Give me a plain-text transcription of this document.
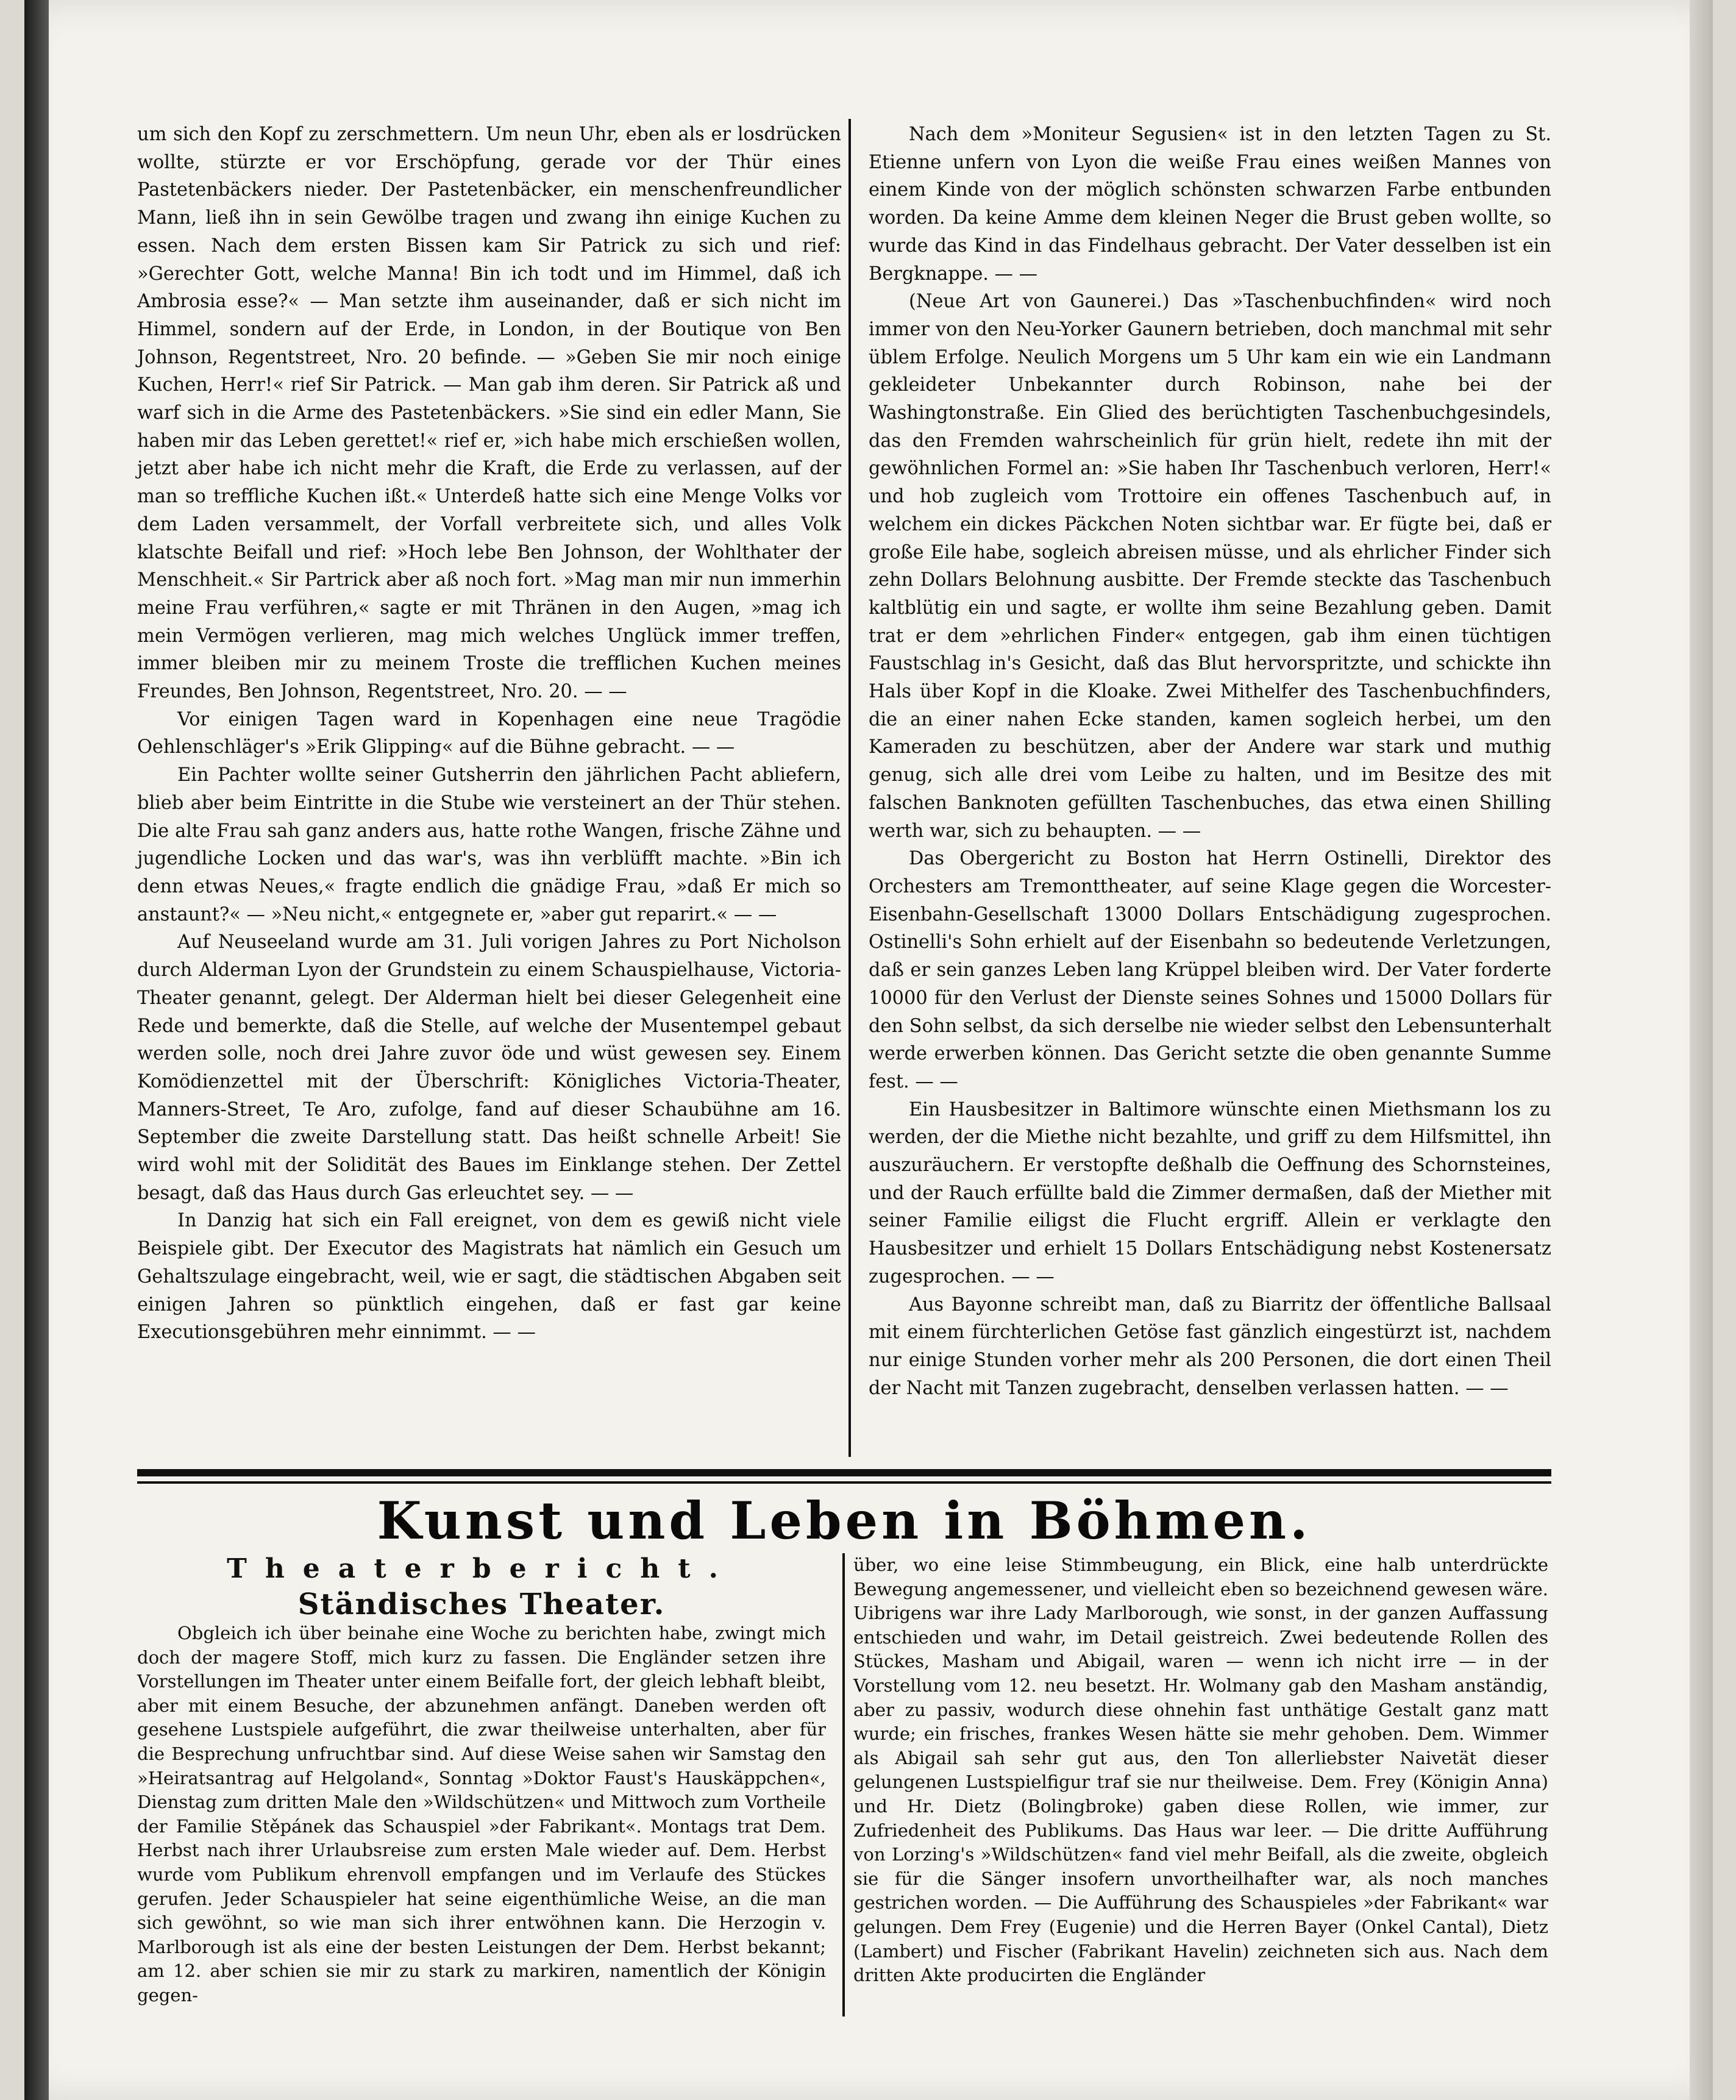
um sich den Kopf zu zerschmettern. Um neun Uhr, eben als er losdrücken wollte, stürzte er vor Erschöpfung, gerade vor der Thür eines Pastetenbäckers nieder. Der Pastetenbäcker, ein menschenfreundlicher Mann, ließ ihn in sein Gewölbe tragen und zwang ihn einige Kuchen zu essen. Nach dem ersten Bissen kam Sir Patrick zu sich und rief: »Gerechter Gott, welche Manna! Bin ich todt und im Himmel, daß ich Ambrosia esse?« — Man setzte ihm auseinander, daß er sich nicht im Himmel, sondern auf der Erde, in London, in der Boutique von Ben Johnson, Regentstreet, Nro. 20 befinde. — »Geben Sie mir noch einige Kuchen, Herr!« rief Sir Patrick. — Man gab ihm deren. Sir Patrick aß und warf sich in die Arme des Pastetenbäckers. »Sie sind ein edler Mann, Sie haben mir das Leben gerettet!« rief er, »ich habe mich erschießen wollen, jetzt aber habe ich nicht mehr die Kraft, die Erde zu verlassen, auf der man so treffliche Kuchen ißt.« Unterdeß hatte sich eine Menge Volks vor dem Laden versammelt, der Vorfall verbreitete sich, und alles Volk klatschte Beifall und rief: »Hoch lebe Ben Johnson, der Wohlthater der Menschheit.« Sir Partrick aber aß noch fort. »Mag man mir nun immerhin meine Frau verführen,« sagte er mit Thränen in den Augen, »mag ich mein Vermögen verlieren, mag mich welches Unglück immer treffen, immer bleiben mir zu meinem Troste die trefflichen Kuchen meines Freundes, Ben Johnson, Regentstreet, Nro. 20. — —

Vor einigen Tagen ward in Kopenhagen eine neue Tragödie Oehlenschläger's »Erik Glipping« auf die Bühne gebracht. — —

Ein Pachter wollte seiner Gutsherrin den jährlichen Pacht abliefern, blieb aber beim Eintritte in die Stube wie versteinert an der Thür stehen. Die alte Frau sah ganz anders aus, hatte rothe Wangen, frische Zähne und jugendliche Locken und das war's, was ihn verblüfft machte. »Bin ich denn etwas Neues,« fragte endlich die gnädige Frau, »daß Er mich so anstaunt?« — »Neu nicht,« entgegnete er, »aber gut reparirt.« — —

Auf Neuseeland wurde am 31. Juli vorigen Jahres zu Port Nicholson durch Alderman Lyon der Grundstein zu einem Schauspielhause, Victoria-Theater genannt, gelegt. Der Alderman hielt bei dieser Gelegenheit eine Rede und bemerkte, daß die Stelle, auf welche der Musentempel gebaut werden solle, noch drei Jahre zuvor öde und wüst gewesen sey. Einem Komödienzettel mit der Überschrift: Königliches Victoria-Theater, Manners-Street, Te Aro, zufolge, fand auf dieser Schaubühne am 16. September die zweite Darstellung statt. Das heißt schnelle Arbeit! Sie wird wohl mit der Solidität des Baues im Einklange stehen. Der Zettel besagt, daß das Haus durch Gas erleuchtet sey. — —

In Danzig hat sich ein Fall ereignet, von dem es gewiß nicht viele Beispiele gibt. Der Executor des Magistrats hat nämlich ein Gesuch um Gehaltszulage eingebracht, weil, wie er sagt, die städtischen Abgaben seit einigen Jahren so pünktlich eingehen, daß er fast gar keine Executionsgebühren mehr einnimmt. — —

Nach dem »Moniteur Segusien« ist in den letzten Tagen zu St. Etienne unfern von Lyon die weiße Frau eines weißen Mannes von einem Kinde von der möglich schönsten schwarzen Farbe entbunden worden. Da keine Amme dem kleinen Neger die Brust geben wollte, so wurde das Kind in das Findelhaus gebracht. Der Vater desselben ist ein Bergknappe. — —

(Neue Art von Gaunerei.) Das »Taschenbuchfinden« wird noch immer von den Neu-Yorker Gaunern betrieben, doch manchmal mit sehr üblem Erfolge. Neulich Morgens um 5 Uhr kam ein wie ein Landmann gekleideter Unbekannter durch Robinson, nahe bei der Washingtonstraße. Ein Glied des berüchtigten Taschenbuchgesindels, das den Fremden wahrscheinlich für grün hielt, redete ihn mit der gewöhnlichen Formel an: »Sie haben Ihr Taschenbuch verloren, Herr!« und hob zugleich vom Trottoire ein offenes Taschenbuch auf, in welchem ein dickes Päckchen Noten sichtbar war. Er fügte bei, daß er große Eile habe, sogleich abreisen müsse, und als ehrlicher Finder sich zehn Dollars Belohnung ausbitte. Der Fremde steckte das Taschenbuch kaltblütig ein und sagte, er wollte ihm seine Bezahlung geben. Damit trat er dem »ehrlichen Finder« entgegen, gab ihm einen tüchtigen Faustschlag in's Gesicht, daß das Blut hervorspritzte, und schickte ihn Hals über Kopf in die Kloake. Zwei Mithelfer des Taschenbuchfinders, die an einer nahen Ecke standen, kamen sogleich herbei, um den Kameraden zu beschützen, aber der Andere war stark und muthig genug, sich alle drei vom Leibe zu halten, und im Besitze des mit falschen Banknoten gefüllten Taschenbuches, das etwa einen Shilling werth war, sich zu behaupten. — —

Das Obergericht zu Boston hat Herrn Ostinelli, Direktor des Orchesters am Tremonttheater, auf seine Klage gegen die Worcester-Eisenbahn-Gesellschaft 13000 Dollars Entschädigung zugesprochen. Ostinelli's Sohn erhielt auf der Eisenbahn so bedeutende Verletzungen, daß er sein ganzes Leben lang Krüppel bleiben wird. Der Vater forderte 10000 für den Verlust der Dienste seines Sohnes und 15000 Dollars für den Sohn selbst, da sich derselbe nie wieder selbst den Lebensunterhalt werde erwerben können. Das Gericht setzte die oben genannte Summe fest. — —

Ein Hausbesitzer in Baltimore wünschte einen Miethsmann los zu werden, der die Miethe nicht bezahlte, und griff zu dem Hilfsmittel, ihn auszuräuchern. Er verstopfte deßhalb die Oeffnung des Schornsteines, und der Rauch erfüllte bald die Zimmer dermaßen, daß der Miether mit seiner Familie eiligst die Flucht ergriff. Allein er verklagte den Hausbesitzer und erhielt 15 Dollars Entschädigung nebst Kostenersatz zugesprochen. — —

Aus Bayonne schreibt man, daß zu Biarritz der öffentliche Ballsaal mit einem fürchterlichen Getöse fast gänzlich eingestürzt ist, nachdem nur einige Stunden vorher mehr als 200 Personen, die dort einen Theil der Nacht mit Tanzen zugebracht, denselben verlassen hatten. — —

Kunst und Leben in Böhmen.
Theaterbericht.
Ständisches Theater.

Obgleich ich über beinahe eine Woche zu berichten habe, zwingt mich doch der magere Stoff, mich kurz zu fassen. Die Engländer setzen ihre Vorstellungen im Theater unter einem Beifalle fort, der gleich lebhaft bleibt, aber mit einem Besuche, der abzunehmen anfängt. Daneben werden oft gesehene Lustspiele aufgeführt, die zwar theilweise unterhalten, aber für die Besprechung unfruchtbar sind. Auf diese Weise sahen wir Samstag den »Heiratsantrag auf Helgoland«, Sonntag »Doktor Faust's Hauskäppchen«, Dienstag zum dritten Male den »Wildschützen« und Mittwoch zum Vortheile der Familie Stěpánek das Schauspiel »der Fabrikant«. Montags trat Dem. Herbst nach ihrer Urlaubsreise zum ersten Male wieder auf. Dem. Herbst wurde vom Publikum ehrenvoll empfangen und im Verlaufe des Stückes gerufen. Jeder Schauspieler hat seine eigenthümliche Weise, an die man sich gewöhnt, so wie man sich ihrer entwöhnen kann. Die Herzogin v. Marlborough ist als eine der besten Leistungen der Dem. Herbst bekannt; am 12. aber schien sie mir zu stark zu markiren, namentlich der Königin gegen-

über, wo eine leise Stimmbeugung, ein Blick, eine halb unterdrückte Bewegung angemessener, und vielleicht eben so bezeichnend gewesen wäre. Uibrigens war ihre Lady Marlborough, wie sonst, in der ganzen Auffassung entschieden und wahr, im Detail geistreich. Zwei bedeutende Rollen des Stückes, Masham und Abigail, waren — wenn ich nicht irre — in der Vorstellung vom 12. neu besetzt. Hr. Wolmany gab den Masham anständig, aber zu passiv, wodurch diese ohnehin fast unthätige Gestalt ganz matt wurde; ein frisches, frankes Wesen hätte sie mehr gehoben. Dem. Wimmer als Abigail sah sehr gut aus, den Ton allerliebster Naivetät dieser gelungenen Lustspielfigur traf sie nur theilweise. Dem. Frey (Königin Anna) und Hr. Dietz (Bolingbroke) gaben diese Rollen, wie immer, zur Zufriedenheit des Publikums. Das Haus war leer. — Die dritte Aufführung von Lorzing's »Wildschützen« fand viel mehr Beifall, als die zweite, obgleich sie für die Sänger insofern unvortheilhafter war, als noch manches gestrichen worden. — Die Aufführung des Schauspieles »der Fabrikant« war gelungen. Dem Frey (Eugenie) und die Herren Bayer (Onkel Cantal), Dietz (Lambert) und Fischer (Fabrikant Havelin) zeichneten sich aus. Nach dem dritten Akte producirten die Engländer
